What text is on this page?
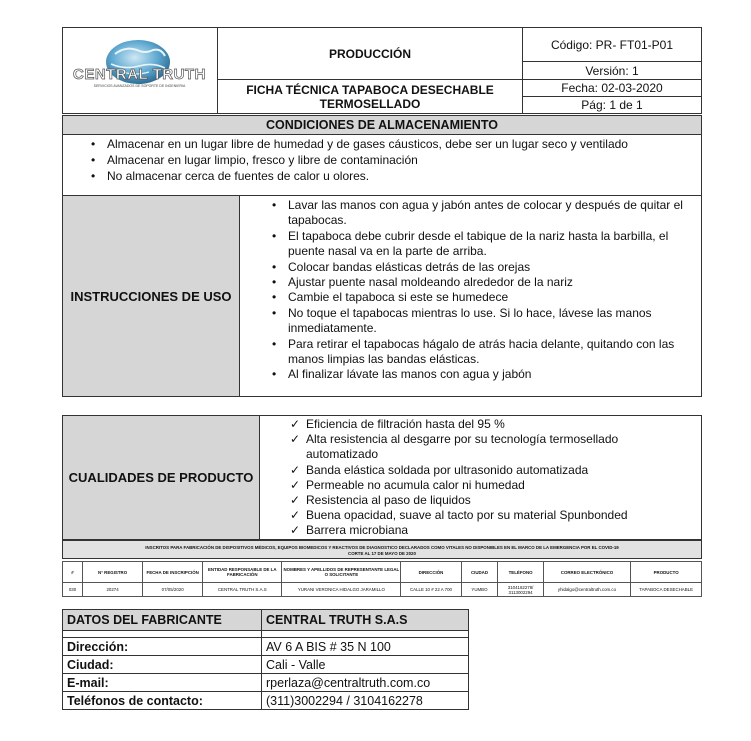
CENTRAL TRUTH
SERVICIOS AVANZADOS DE SOPORTE DE INGENIERIA	PRODUCCIÓN	Código: PR- FT01-P01
		Versión: 1

	FICHA TÉCNICA TAPABOCA DESECHABLE
TERMOSELLADO	Fecha: 02-03-2020
		Pág: 1 de 1
CONDICIONES DE ALMACENAMIENTO
• Almacenar en un lugar libre de humedad y de gases cáusticos, debe ser un lugar seco y ventilado
• Almacenar en lugar limpio, fresco y libre de contaminación
• No almacenar cerca de fuentes de calor u olores.
INSTRUCCIONES DE USO
• Lavar las manos con agua y jabón antes de colocar y después de quitar el tapabocas.
• El tapaboca debe cubrir desde el tabique de la nariz hasta la barbilla, el puente nasal va en la parte de arriba.
• Colocar bandas elásticas detrás de las orejas
• Ajustar puente nasal moldeando alrededor de la nariz
• Cambie el tapaboca si este se humedece
• No toque el tapabocas mientras lo use. Si lo hace, lávese las manos inmediatamente.
• Para retirar el tapabocas hágalo de atrás hacia delante, quitando con las manos limpias las bandas elásticas.
• Al finalizar lávate las manos con agua y jabón
CUALIDADES DE PRODUCTO
✓ Eficiencia de filtración hasta del 95 %
✓ Alta resistencia al desgarre por su tecnología termosellado automatizado
✓ Banda elástica soldada por ultrasonido automatizada
✓ Permeable no acumula calor ni humedad
✓ Resistencia al paso de liquidos
✓ Buena opacidad, suave al tacto por su material Spunbonded
✓ Barrera microbiana
INSCRITOS PARA FABRICACIÓN DE DISPOSITIVOS MÉDICOS, EQUIPOS BIOMEDICOS Y REACTIVOS DE DIAGNOSTICO DECLARADOS COMO VITALES NO DISPONIBLES EN EL MARCO DE LA EMERGENCIA POR EL COVID-19
CORTE AL 17 DE MAYO DE 2020
#	N° REGISTRO	FECHA DE INSCRIPCIÓN	ENTIDAD RESPONSABLE DE LA FABRICACIÓN	NOMBRES Y APELLIDOS DE REPRESENTANTE LEGAL O SOLICITANTE	DIRECCIÓN	CIUDAD	TELÉFONO	CORREO ELECTRÓNICO	PRODUCTO
030	20274	07/05/2020	CENTRAL TRUTH S.A.S	YURANI VERONICA HIDALGO JARAMILLO	CALLE 10 # 22 A 700	YUMBO	3104162278/ 3113002294	yhidalgo@centraltruth.com.co	TAPABOCA DESECHABLE
DATOS DEL FABRICANTE	CENTRAL TRUTH S.A.S

Dirección:	AV 6 A BIS # 35 N 100
Ciudad:	Cali - Valle
E-mail:	rperlaza@centraltruth.com.co
Teléfonos de contacto:	(311)3002294 / 3104162278
